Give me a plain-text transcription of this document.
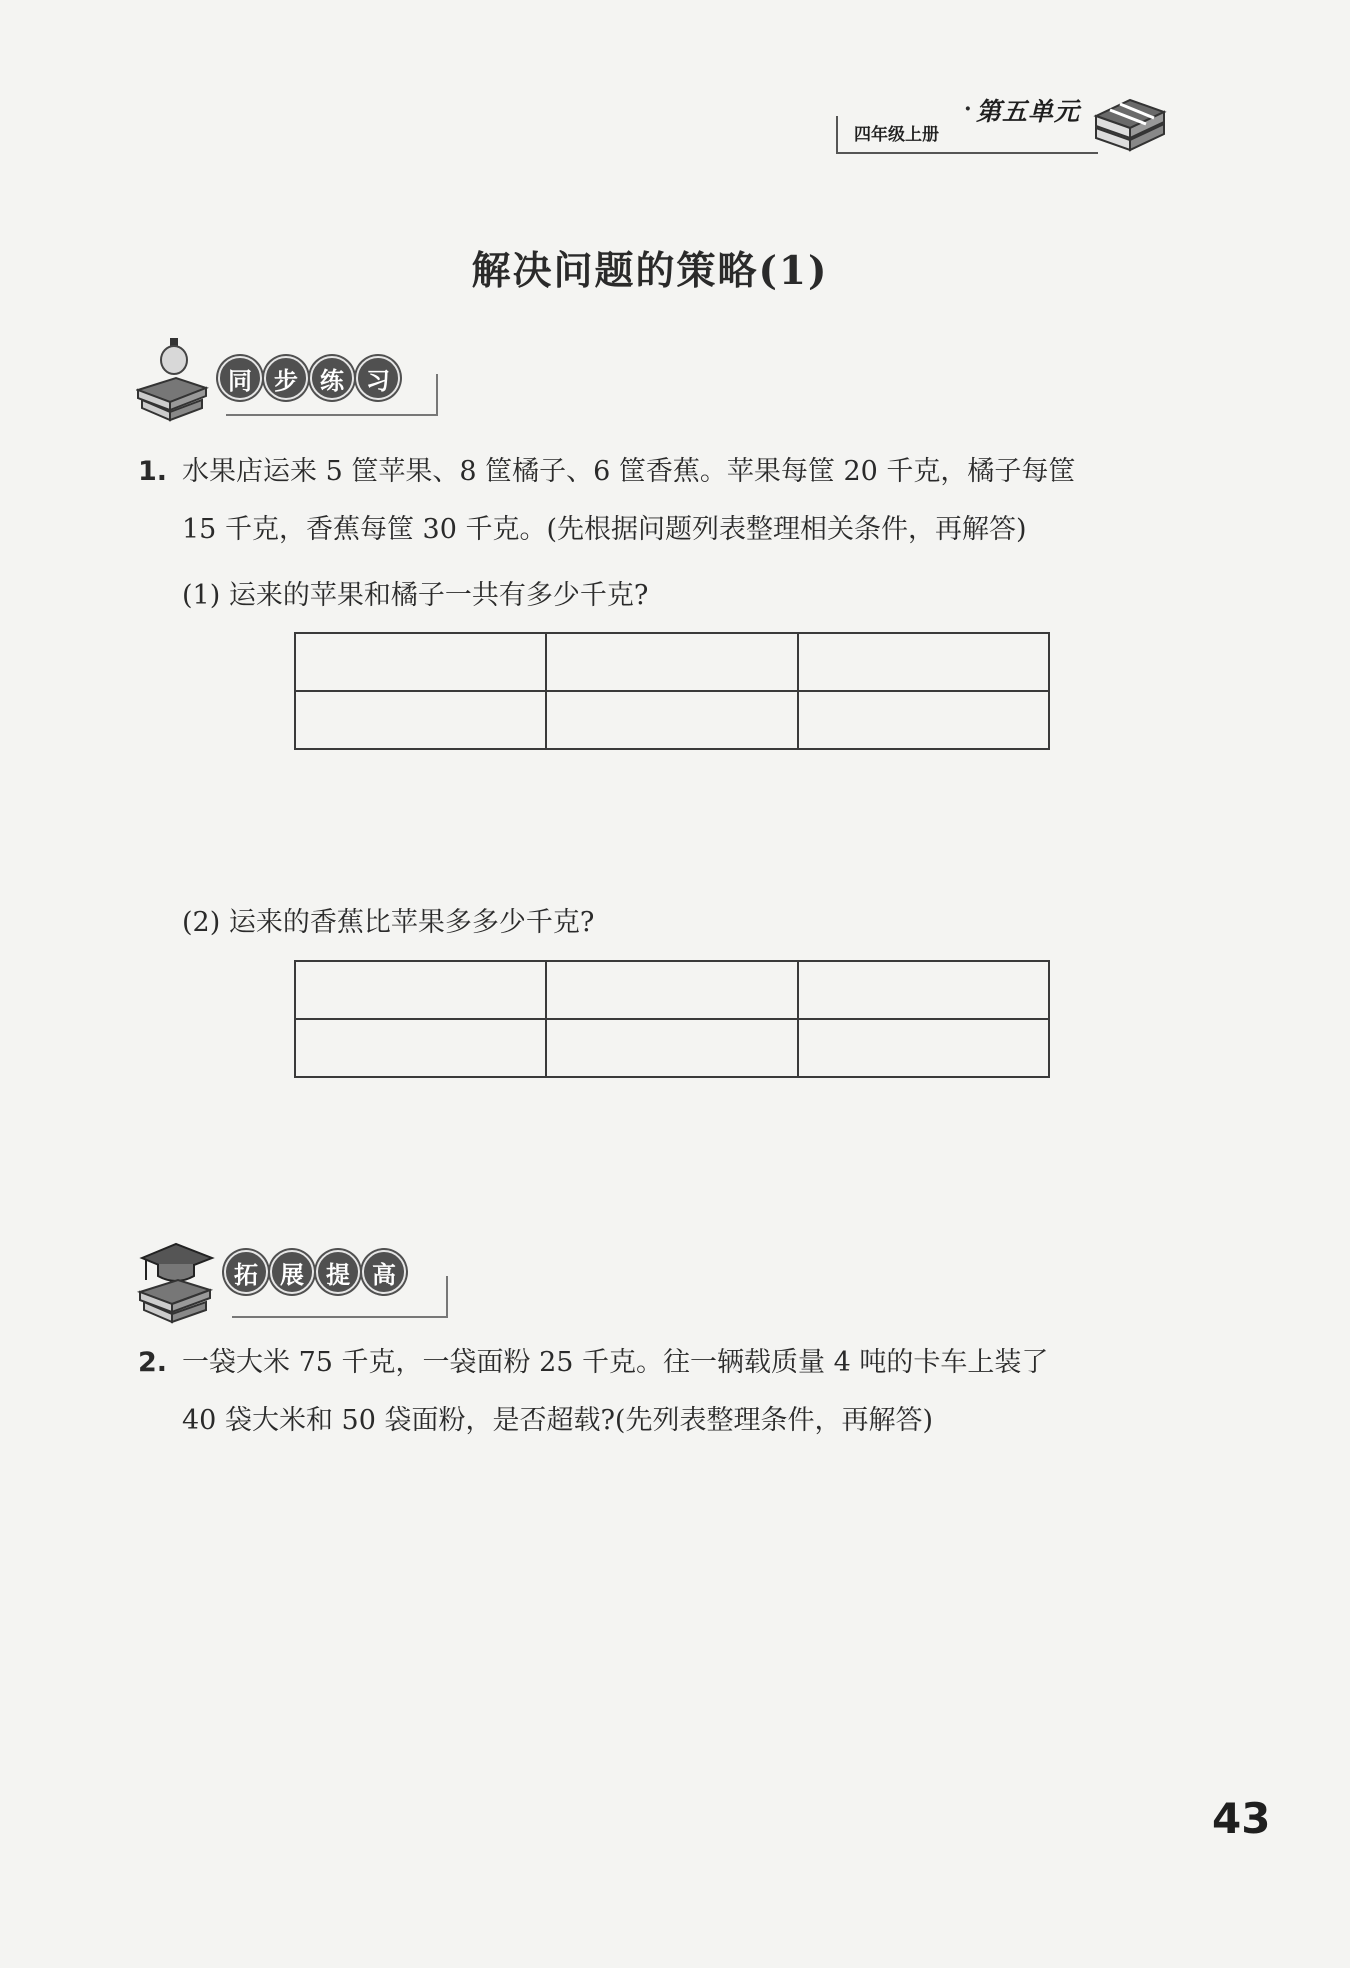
· 第五单元
四年级上册
解决问题的策略(1)
同 步 练 习
1. 水果店运来 5 筐苹果、8 筐橘子、6 筐香蕉。苹果每筐 20 千克，橘子每筐
15 千克，香蕉每筐 30 千克。(先根据问题列表整理相关条件，再解答)
(1) 运来的苹果和橘子一共有多少千克?

(2) 运来的香蕉比苹果多多少千克?

拓 展 提 高
2. 一袋大米 75 千克，一袋面粉 25 千克。往一辆载质量 4 吨的卡车上装了
40 袋大米和 50 袋面粉，是否超载?(先列表整理条件，再解答)
43
